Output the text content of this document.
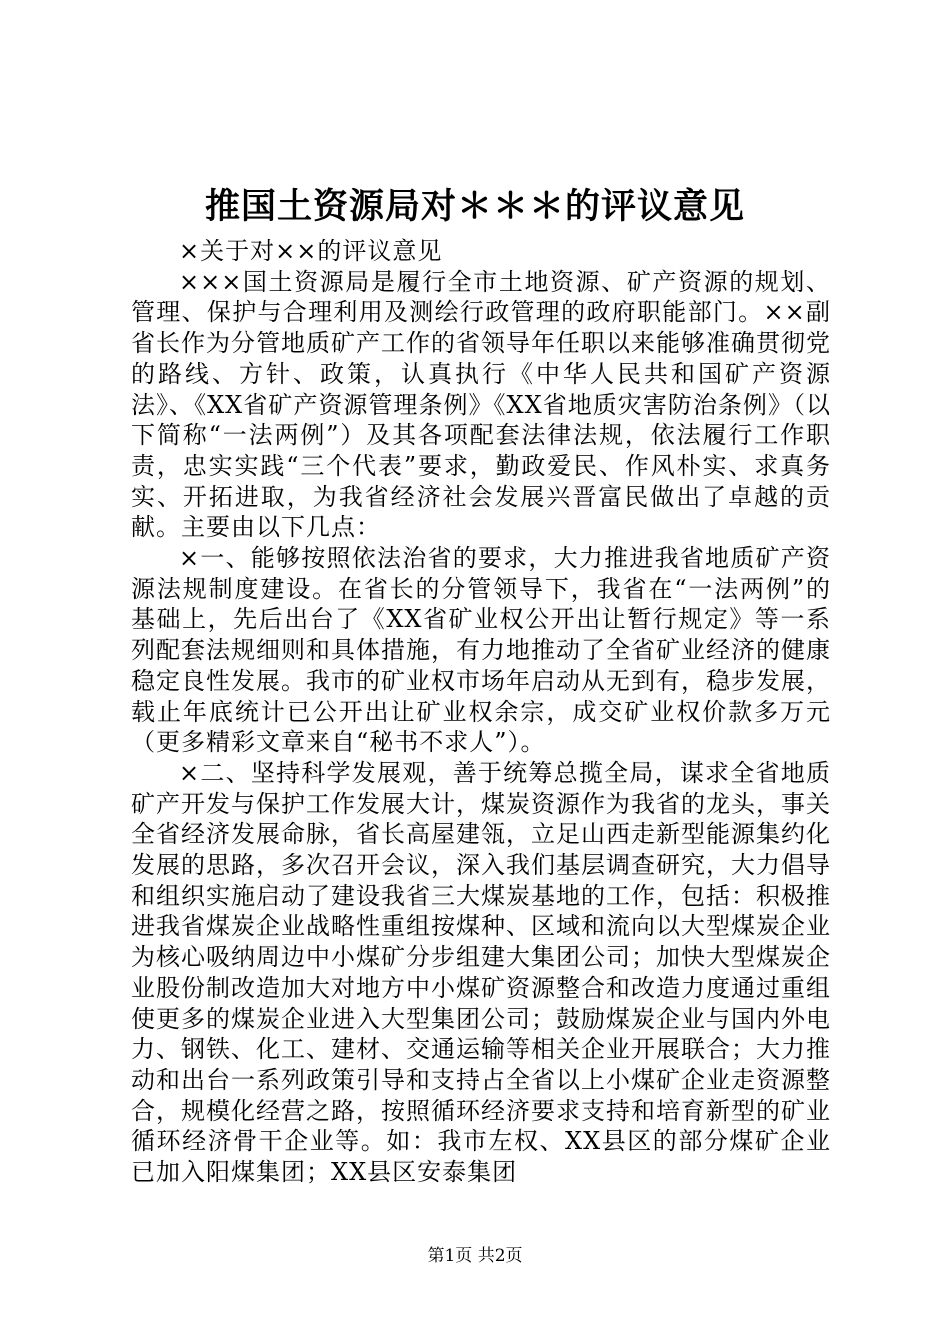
推国土资源局对＊＊＊的评议意见

×关于对××的评议意见

×××国土资源局是履行全市土地资源、矿产资源的规划、管理、保护与合理利用及测绘行政管理的政府职能部门。××副省长作为分管地质矿产工作的省领导年任职以来能够准确贯彻党的路线、方针、政策，认真执行《中华人民共和国矿产资源法》、《XX省矿产资源管理条例》《XX省地质灾害防治条例》（以下简称“一法两例”）及其各项配套法律法规，依法履行工作职责，忠实实践“三个代表”要求，勤政爱民、作风朴实、求真务实、开拓进取，为我省经济社会发展兴晋富民做出了卓越的贡献。主要由以下几点：

×一、能够按照依法治省的要求，大力推进我省地质矿产资源法规制度建设。在省长的分管领导下，我省在“一法两例”的基础上，先后出台了《XX省矿业权公开出让暂行规定》等一系列配套法规细则和具体措施，有力地推动了全省矿业经济的健康稳定良性发展。我市的矿业权市场年启动从无到有，稳步发展，载止年底统计已公开出让矿业权余宗，成交矿业权价款多万元（更多精彩文章来自“秘书不求人”）。

×二、坚持科学发展观，善于统筹总揽全局，谋求全省地质矿产开发与保护工作发展大计，煤炭资源作为我省的龙头，事关全省经济发展命脉，省长高屋建瓴，立足山西走新型能源集约化发展的思路，多次召开会议，深入我们基层调查研究，大力倡导和组织实施启动了建设我省三大煤炭基地的工作，包括：积极推进我省煤炭企业战略性重组按煤种、区域和流向以大型煤炭企业为核心吸纳周边中小煤矿分步组建大集团公司；加快大型煤炭企业股份制改造加大对地方中小煤矿资源整合和改造力度通过重组使更多的煤炭企业进入大型集团公司；鼓励煤炭企业与国内外电力、钢铁、化工、建材、交通运输等相关企业开展联合；大力推动和出台一系列政策引导和支持占全省以上小煤矿企业走资源整合，规模化经营之路，按照循环经济要求支持和培育新型的矿业循环经济骨干企业等。如：我市左权、XX县区的部分煤矿企业已加入阳煤集团；XX县区安泰集团

第1页 共2页
